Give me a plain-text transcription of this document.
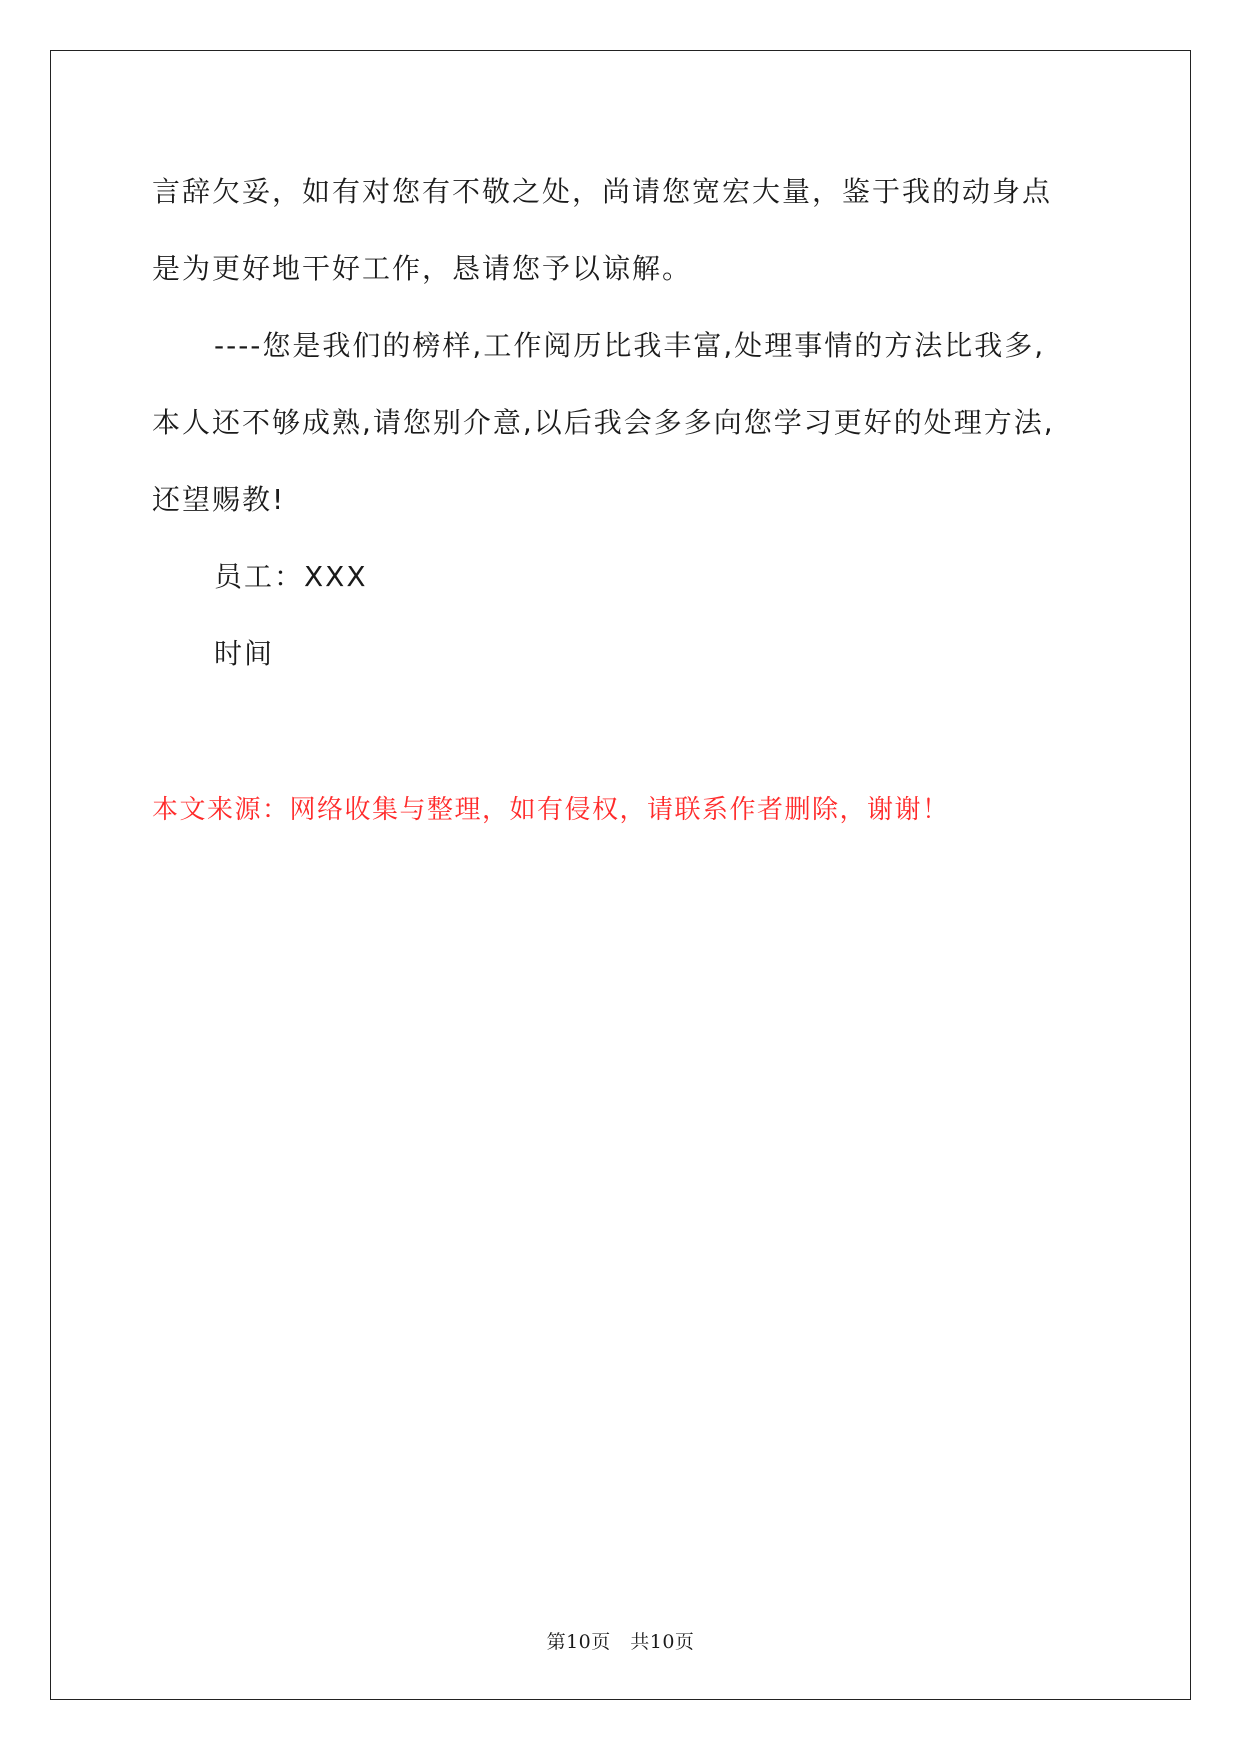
言辞欠妥，如有对您有不敬之处，尚请您宽宏大量，鉴于我的动身点
是为更好地干好工作，恳请您予以谅解。
----您是我们的榜样,工作阅历比我丰富,处理事情的方法比我多,
本人还不够成熟,请您别介意,以后我会多多向您学习更好的处理方法,
还望赐教!
员工：XXX
时间
本文来源：网络收集与整理，如有侵权，请联系作者删除，谢谢！
第10页　共10页
